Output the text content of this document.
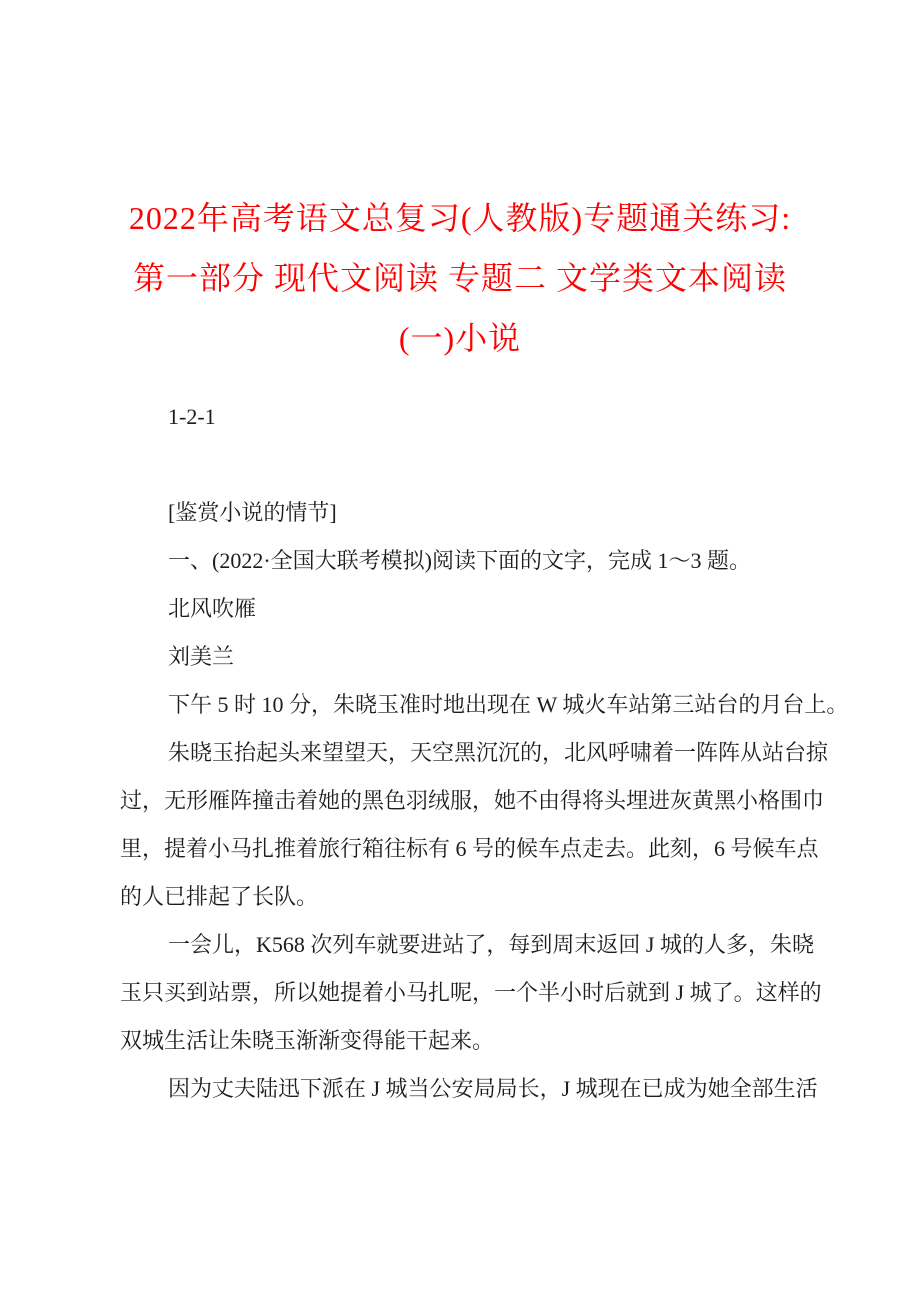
2022年高考语文总复习(人教版)专题通关练习:
第一部分 现代文阅读 专题二 文学类文本阅读
(一)小说
1-2-1

[鉴赏小说的情节]
一、(2022·全国大联考模拟)阅读下面的文字，完成 1～3 题。
北风吹雁
刘美兰
下午 5 时 10 分，朱晓玉准时地出现在 W 城火车站第三站台的月台上。
朱晓玉抬起头来望望天，天空黑沉沉的，北风呼啸着一阵阵从站台掠
过，无形雁阵撞击着她的黑色羽绒服，她不由得将头埋进灰黄黑小格围巾
里，提着小马扎推着旅行箱往标有 6 号的候车点走去。此刻，6 号候车点
的人已排起了长队。
一会儿，K568 次列车就要进站了，每到周末返回 J 城的人多，朱晓
玉只买到站票，所以她提着小马扎呢，一个半小时后就到 J 城了。这样的
双城生活让朱晓玉渐渐变得能干起来。
因为丈夫陆迅下派在 J 城当公安局局长，J 城现在已成为她全部生活
